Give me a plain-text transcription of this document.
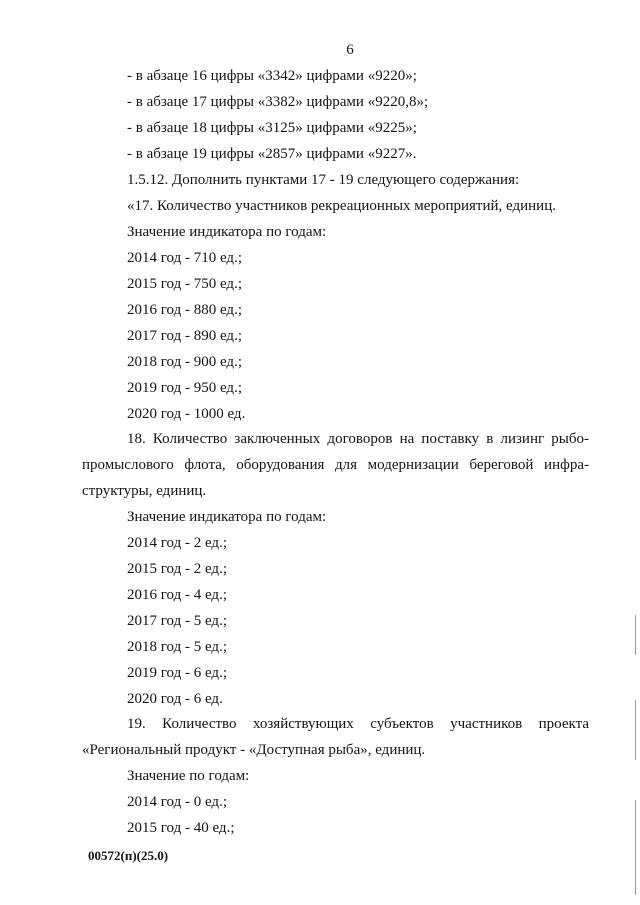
6
- в абзаце 16 цифры «3342» цифрами «9220»;
- в абзаце 17 цифры «3382» цифрами «9220,8»;
- в абзаце 18 цифры «3125» цифрами «9225»;
- в абзаце 19 цифры «2857» цифрами «9227».
1.5.12. Дополнить пунктами 17 - 19 следующего содержания:
«17. Количество участников рекреационных мероприятий, единиц.
Значение индикатора по годам:
2014 год - 710 ед.;
2015 год - 750 ед.;
2016 год - 880 ед.;
2017 год - 890 ед.;
2018 год - 900 ед.;
2019 год - 950 ед.;
2020 год - 1000 ед.
18. Количество заключенных договоров на поставку в лизинг рыбо-
промыслового флота, оборудования для модернизации береговой инфра-
структуры, единиц.
Значение индикатора по годам:
2014 год - 2 ед.;
2015 год - 2 ед.;
2016 год - 4 ед.;
2017 год - 5 ед.;
2018 год - 5 ед.;
2019 год - 6 ед.;
2020 год - 6 ед.
19. Количество хозяйствующих субъектов участников проекта
«Региональный продукт - «Доступная рыба», единиц.
Значение по годам:
2014 год - 0 ед.;
2015 год - 40 ед.;
00572(п)(25.0)
